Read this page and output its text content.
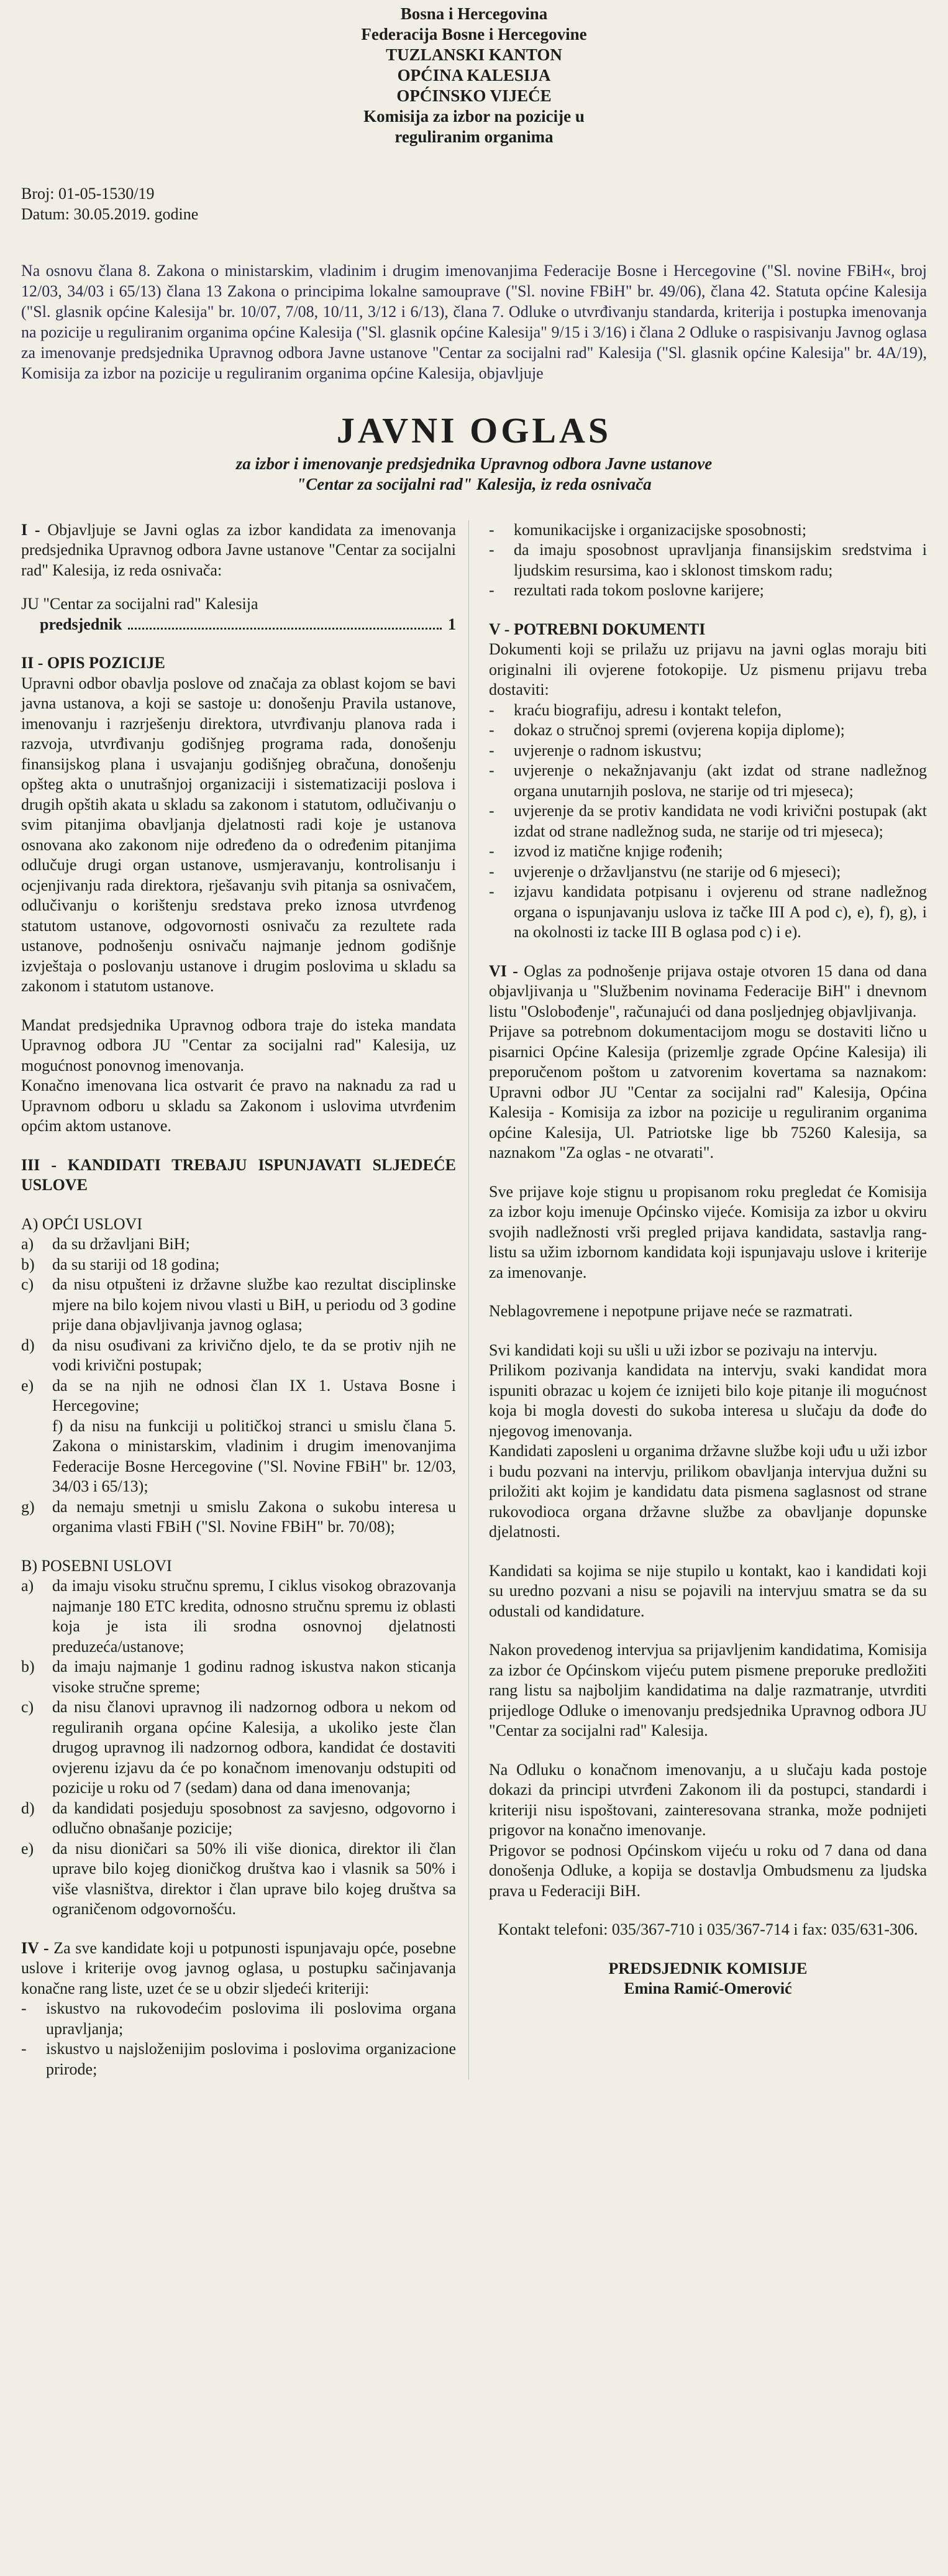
Bosna i Hercegovina
Federacija Bosne i Hercegovine
TUZLANSKI KANTON
OPĆINA KALESIJA
OPĆINSKO VIJEĆE
Komisija za izbor na pozicije u
reguliranim organima
Broj: 01-05-1530/19
Datum: 30.05.2019. godine

Na osnovu člana 8. Zakona o ministarskim, vladinim i drugim imenovanjima Federacije Bosne i Hercegovine ("Sl. novine FBiH«, broj 12/03, 34/03 i 65/13) člana 13 Zakona o principima lokalne samouprave ("Sl. novine FBiH" br. 49/06), člana 42. Statuta općine Kalesija ("Sl. glasnik općine Kalesija" br. 10/07, 7/08, 10/11, 3/12 i 6/13), člana 7. Odluke o utvrđivanju standarda, kriterija i postupka imenovanja na pozicije u reguliranim organima općine Kalesija ("Sl. glasnik općine Kalesija" 9/15 i 3/16) i člana 2 Odluke o raspisivanju Javnog oglasa za imenovanje predsjednika Upravnog odbora Javne ustanove "Centar za socijalni rad" Kalesija ("Sl. glasnik općine Kalesija" br. 4A/19), Komisija za izbor na pozicije u reguliranim organima općine Kalesija, objavljuje

JAVNI OGLAS
za izbor i imenovanje predsjednika Upravnog odbora Javne ustanove
"Centar za socijalni rad" Kalesija, iz reda osnivača

I - Objavljuje se Javni oglas za izbor kandidata za imenovanja predsjednika Upravnog odbora Javne ustanove "Centar za socijalni rad" Kalesija, iz reda osnivača:

JU "Centar za socijalni rad" Kalesija
predsjednik	1
II - OPIS POZICIJE

Upravni odbor obavlja poslove od značaja za oblast kojom se bavi javna ustanova, a koji se sastoje u: donošenju Pravila ustanove, imenovanju i razrješenju direktora, utvrđivanju planova rada i razvoja, utvrđivanju godišnjeg programa rada, donošenju finansijskog plana i usvajanju godišnjeg obračuna, donošenju opšteg akta o unutrašnjoj organizaciji i sistematizaciji poslova i drugih opštih akata u skladu sa zakonom i statutom, odlučivanju o svim pitanjima obavljanja djelatnosti radi koje je ustanova osnovana ako zakonom nije određeno da o određenim pitanjima odlučuje drugi organ ustanove, usmjeravanju, kontrolisanju i ocjenjivanju rada direktora, rješavanju svih pitanja sa osnivačem, odlučivanju o korištenju sredstava preko iznosa utvrđenog statutom ustanove, odgovornosti osnivaču za rezultete rada ustanove, podnošenju osnivaču najmanje jednom godišnje izvještaja o poslovanju ustanove i drugim poslovima u skladu sa zakonom i statutom ustanove.

Mandat predsjednika Upravnog odbora traje do isteka mandata Upravnog odbora JU "Centar za socijalni rad" Kalesija, uz mogućnost ponovnog imenovanja.

Konačno imenovana lica ostvarit će pravo na naknadu za rad u Upravnom odboru u skladu sa Zakonom i uslovima utvrđenim općim aktom ustanove.

III - KANDIDATI TREBAJU ISPUNJAVATI SLJEDEĆE USLOVE
A) OPĆI USLOVI
a)	da su državljani BiH;
b)	da su stariji od 18 godina;
c)	da nisu otpušteni iz državne službe kao rezultat disciplinske mjere na bilo kojem nivou vlasti u BiH, u periodu od 3 godine prije dana objavljivanja javnog oglasa;
d)	da nisu osuđivani za krivično djelo, te da se protiv njih ne vodi krivični postupak;
e)	da se na njih ne odnosi član IX 1. Ustava Bosne i Hercegovine;
f) da nisu na funkciji u političkoj stranci u smislu člana 5. Zakona o ministarskim, vladinim i drugim imenovanjima Federacije Bosne Hercegovine ("Sl. Novine FBiH" br. 12/03, 34/03 i 65/13);
g)	da nemaju smetnji u smislu Zakona o sukobu interesa u organima vlasti FBiH ("Sl. Novine FBiH" br. 70/08);
B) POSEBNI USLOVI
a)	da imaju visoku stručnu spremu, I ciklus visokog obrazovanja najmanje 180 ETC kredita, odnosno stručnu spremu iz oblasti koja je ista ili srodna osnovnoj djelatnosti preduzeća/ustanove;
b)	da imaju najmanje 1 godinu radnog iskustva nakon sticanja visoke stručne spreme;
c)	da nisu članovi upravnog ili nadzornog odbora u nekom od reguliranih organa općine Kalesija, a ukoliko jeste član drugog upravnog ili nadzornog odbora, kandidat će dostaviti ovjerenu izjavu da će po konačnom imenovanju odstupiti od pozicije u roku od 7 (sedam) dana od dana imenovanja;
d)	da kandidati posjeduju sposobnost za savjesno, odgovorno i odlučno obnašanje pozicije;
e)	da nisu dioničari sa 50% ili više dionica, direktor ili član uprave bilo kojeg dioničkog društva kao i vlasnik sa 50% i više vlasništva, direktor i član uprave bilo kojeg društva sa ograničenom odgovornošću.

IV - Za sve kandidate koji u potpunosti ispunjavaju opće, posebne uslove i kriterije ovog javnog oglasa, u postupku sačinjavanja konačne rang liste, uzet će se u obzir sljedeći kriteriji:

-	iskustvo na rukovodećim poslovima ili poslovima organa upravljanja;
-	iskustvo u najsloženijim poslovima i poslovima organizacione prirode;
-	komunikacijske i organizacijske sposobnosti;
-	da imaju sposobnost upravljanja finansijskim sredstvima i ljudskim resursima, kao i sklonost timskom radu;
-	rezultati rada tokom poslovne karijere;
V - POTREBNI DOKUMENTI

Dokumenti koji se prilažu uz prijavu na javni oglas moraju biti originalni ili ovjerene fotokopije. Uz pismenu prijavu treba dostaviti:

-	kraću biografiju, adresu i kontakt telefon,
-	dokaz o stručnoj spremi (ovjerena kopija diplome);
-	uvjerenje o radnom iskustvu;
-	uvjerenje o nekažnjavanju (akt izdat od strane nadležnog organa unutarnjih poslova, ne starije od tri mjeseca);
-	uvjerenje da se protiv kandidata ne vodi krivični postupak (akt izdat od strane nadležnog suda, ne starije od tri mjeseca);
-	izvod iz matične knjige rođenih;
-	uvjerenje o državljanstvu (ne starije od 6 mjeseci);
-	izjavu kandidata potpisanu i ovjerenu od strane nadležnog organa o ispunjavanju uslova iz tačke III A pod c), e), f), g), i na okolnosti iz tacke III B oglasa pod c) i e).

VI - Oglas za podnošenje prijava ostaje otvoren 15 dana od dana objavljivanja u "Službenim novinama Federacije BiH" i dnevnom listu "Oslobođenje", računajući od dana posljednjeg objavljivanja.

Prijave sa potrebnom dokumentacijom mogu se dostaviti lično u pisarnici Općine Kalesija (prizemlje zgrade Općine Kalesija) ili preporučenom poštom u zatvorenim kovertama sa naznakom: Upravni odbor JU "Centar za socijalni rad" Kalesija, Općina Kalesija - Komisija za izbor na pozicije u reguliranim organima općine Kalesija, Ul. Patriotske lige bb 75260 Kalesija, sa naznakom "Za oglas - ne otvarati".

Sve prijave koje stignu u propisanom roku pregledat će Komisija za izbor koju imenuje Općinsko vijeće. Komisija za izbor u okviru svojih nadležnosti vrši pregled prijava kandidata, sastavlja rang-listu sa užim izbornom kandidata koji ispunjavaju uslove i kriterije za imenovanje.

Neblagovremene i nepotpune prijave neće se razmatrati.

Svi kandidati koji su ušli u uži izbor se pozivaju na intervju.

Prilikom pozivanja kandidata na intervju, svaki kandidat mora ispuniti obrazac u kojem će iznijeti bilo koje pitanje ili mogućnost koja bi mogla dovesti do sukoba interesa u slučaju da dođe do njegovog imenovanja.

Kandidati zaposleni u organima državne službe koji uđu u uži izbor i budu pozvani na intervju, prilikom obavljanja intervjua dužni su priložiti akt kojim je kandidatu data pismena saglasnost od strane rukovodioca organa državne službe za obavljanje dopunske djelatnosti.

Kandidati sa kojima se nije stupilo u kontakt, kao i kandidati koji su uredno pozvani a nisu se pojavili na intervjuu smatra se da su odustali od kandidature.

Nakon provedenog intervjua sa prijavljenim kandidatima, Komisija za izbor će Općinskom vijeću putem pismene preporuke predložiti rang listu sa najboljim kandidatima na dalje razmatranje, utvrditi prijedloge Odluke o imenovanju predsjednika Upravnog odbora JU "Centar za socijalni rad" Kalesija.

Na Odluku o konačnom imenovanju, a u slučaju kada postoje dokazi da principi utvrđeni Zakonom ili da postupci, standardi i kriteriji nisu ispoštovani, zainteresovana stranka, može podnijeti prigovor na konačno imenovanje.

Prigovor se podnosi Općinskom vijeću u roku od 7 dana od dana donošenja Odluke, a kopija se dostavlja Ombudsmenu za ljudska prava u Federaciji BiH.

Kontakt telefoni: 035/367-710 i 035/367-714 i fax: 035/631-306.

PREDSJEDNIK KOMISIJE
Emina Ramić-Omerović
